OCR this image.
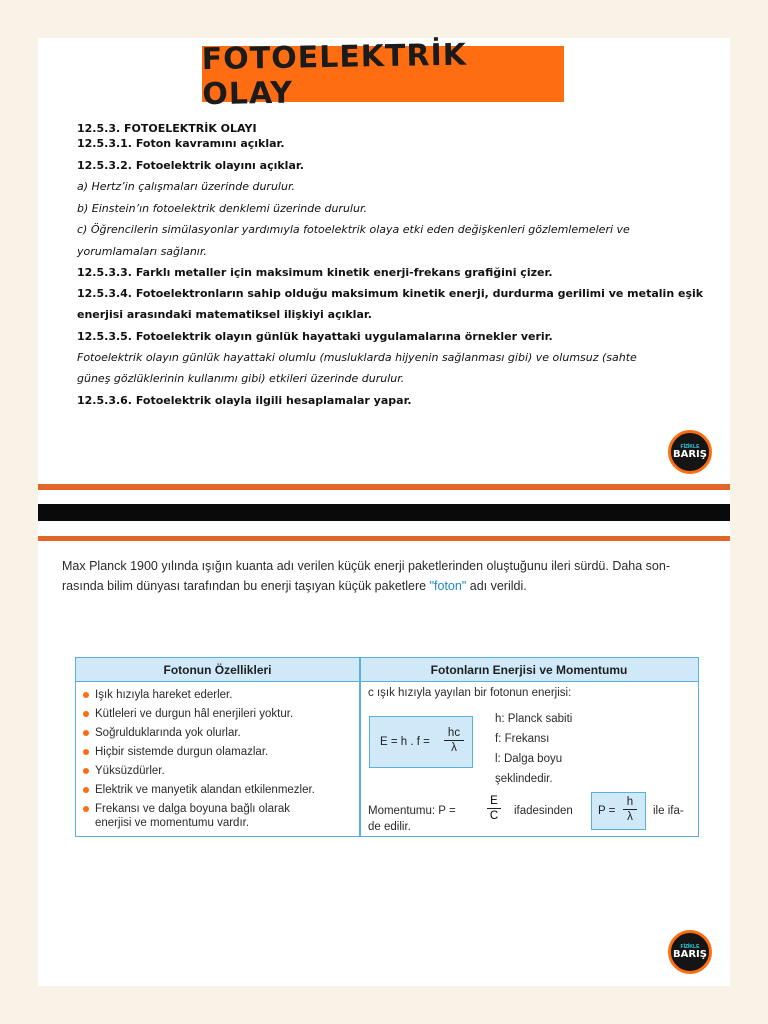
FOTOELEKTRİK OLAY
12.5.3. FOTOELEKTRİK OLAYI
12.5.3.1. Foton kavramını açıklar.
12.5.3.2. Fotoelektrik olayını açıklar.
a) Hertz’in çalışmaları üzerinde durulur.
b) Einstein’ın fotoelektrik denklemi üzerinde durulur.
c) Öğrencilerin simülasyonlar yardımıyla fotoelektrik olaya etki eden değişkenleri gözlemlemeleri ve
yorumlamaları sağlanır.
12.5.3.3. Farklı metaller için maksimum kinetik enerji-frekans grafiğini çizer.
12.5.3.4. Fotoelektronların sahip olduğu maksimum kinetik enerji, durdurma gerilimi ve metalin eşik
enerjisi arasındaki matematiksel ilişkiyi açıklar.
12.5.3.5. Fotoelektrik olayın günlük hayattaki uygulamalarına örnekler verir.
Fotoelektrik olayın günlük hayattaki olumlu (musluklarda hijyenin sağlanması gibi) ve olumsuz (sahte
güneş gözlüklerinin kullanımı gibi) etkileri üzerinde durulur.
12.5.3.6. Fotoelektrik olayla ilgili hesaplamalar yapar.
FİZİKLE
BARIŞ
Max Planck 1900 yılında ışığın kuanta adı verilen küçük enerji paketlerinden oluştuğunu ileri sürdü. Daha son-
rasında bilim dünyası tarafından bu enerji taşıyan küçük paketlere "foton" adı verildi.
Fotonun Özellikleri	Fotonların Enerjisi ve Momentumu
Işık hızıyla hareket ederler.
Kütleleri ve durgun hâl enerjileri yoktur.
Soğrulduklarında yok olurlar.
Hiçbir sistemde durgun olamazlar.
Yüksüzdürler.
Elektrik ve manyetik alandan etkilenmezler.
Frekansı ve dalga boyuna bağlı olarak enerjisi ve momentumu vardır.
c ışık hızıyla yayılan bir fotonun enerjisi:
E = h . f =
hc
λ
h: Planck sabiti
f: Frekansı
l: Dalga boyu
şeklindedir.
Momentumu: P =
E
C ifadesinden P =
h
λ	ile ifa-
de edilir.
FİZİKLE
BARIŞ
